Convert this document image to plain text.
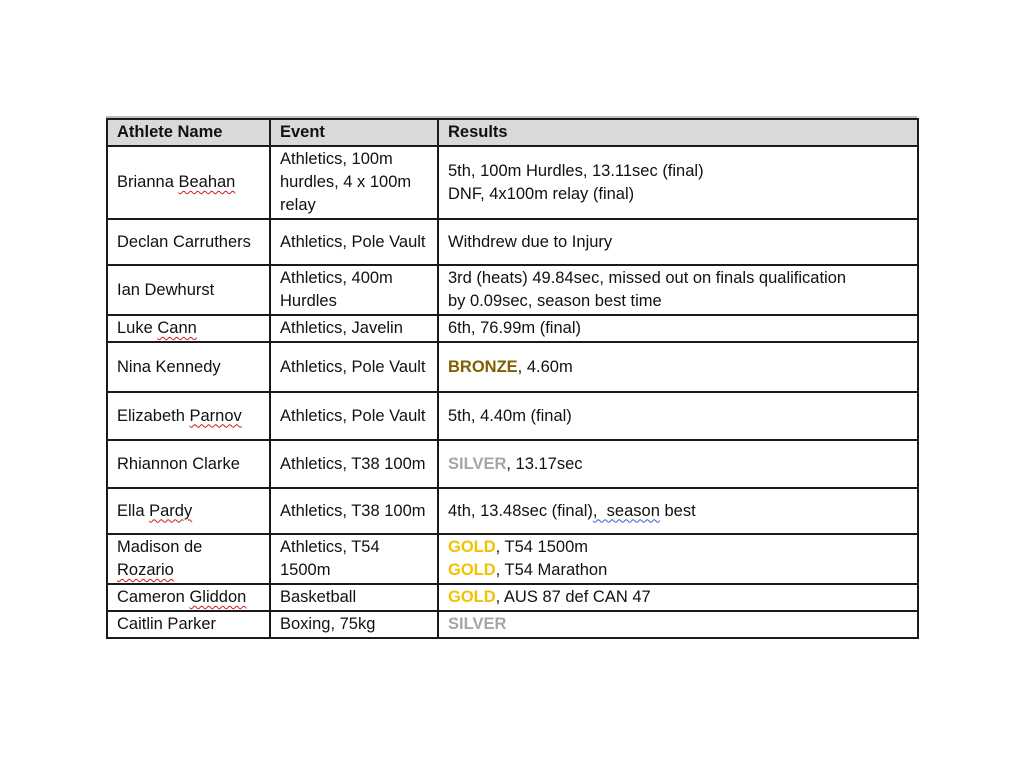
Athlete Name	Event	Results
Brianna Beahan	Athletics, 100m hurdles, 4 x 100m relay	5th, 100m Hurdles, 13.11sec (final)
DNF, 4x100m relay (final)

Declan Carruthers	Athletics, Pole Vault	Withdrew due to Injury

Ian Dewhurst	Athletics, 400m Hurdles	3rd (heats) 49.84sec, missed out on finals qualification
by 0.09sec, season best time

Luke Cann	Athletics, Javelin	6th, 76.99m (final)

Nina Kennedy	Athletics, Pole Vault	BRONZE, 4.60m

Elizabeth Parnov	Athletics, Pole Vault	5th, 4.40m (final)

Rhiannon Clarke	Athletics, T38 100m	SILVER, 13.17sec

Ella Pardy	Athletics, T38 100m	4th, 13.48sec (final),  season best

Madison de
Rozario	Athletics, T54 1500m	GOLD, T54 1500m
GOLD, T54 Marathon

Cameron Gliddon	Basketball	GOLD, AUS 87 def CAN 47

Caitlin Parker	Boxing, 75kg	SILVER
